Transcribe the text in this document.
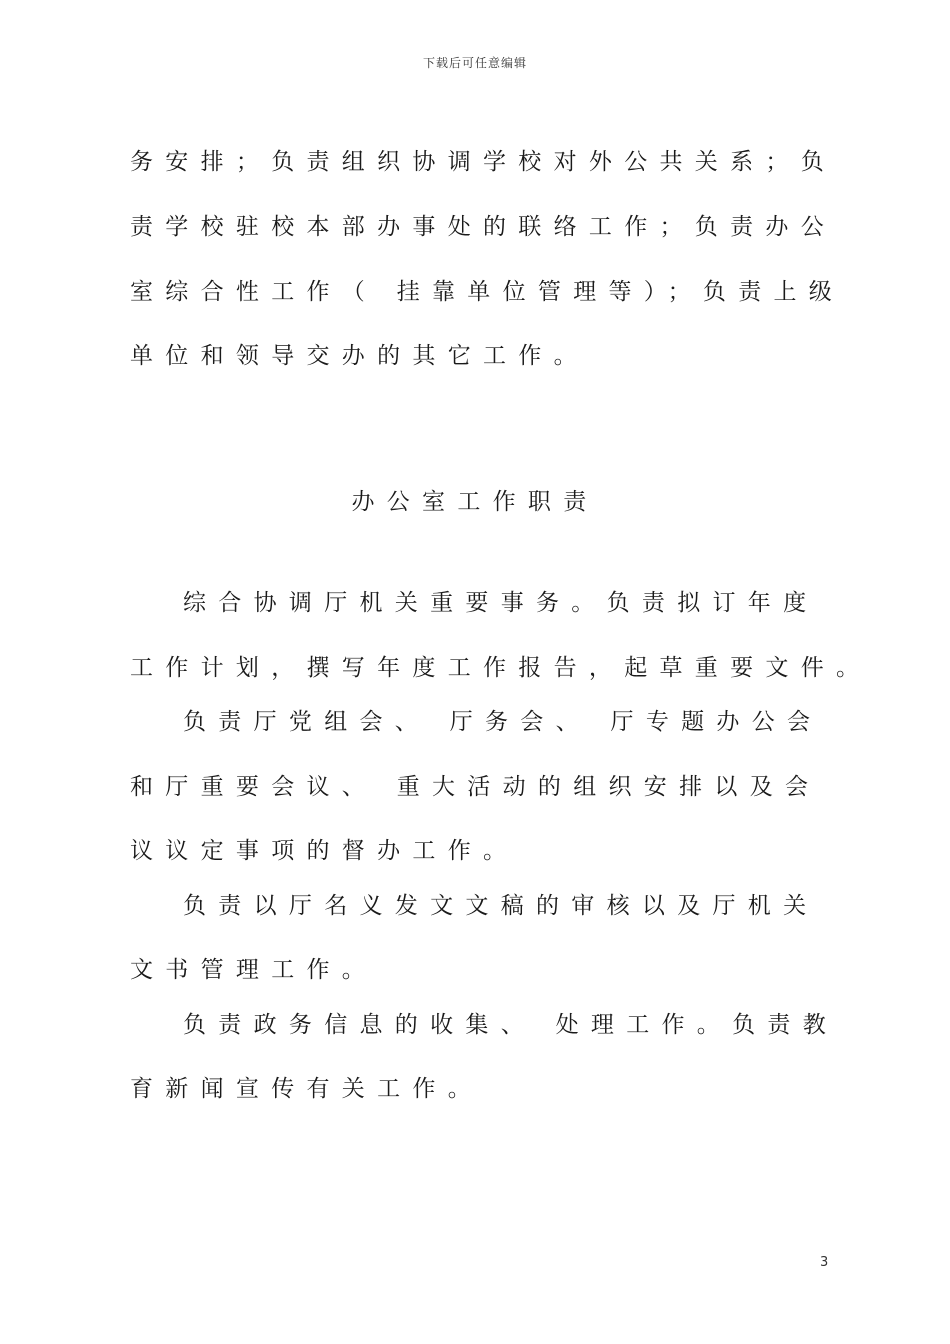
下载后可任意编辑
务安排；负责组织协调学校对外公共关系；负
责学校驻校本部办事处的联络工作；负责办公
室综合性工作（ 挂靠单位管理等）；负责上级
单位和领导交办的其它工作。
办公室工作职责
综合协调厅机关重要事务。负责拟订年度
工作计划，撰写年度工作报告，起草重要文件。
负责厅党组会、 厅务会、 厅专题办公会
和厅重要会议、 重大活动的组织安排以及会
议议定事项的督办工作。
负责以厅名义发文文稿的审核以及厅机关
文书管理工作。
负责政务信息的收集、 处理工作。负责教
育新闻宣传有关工作。
3
